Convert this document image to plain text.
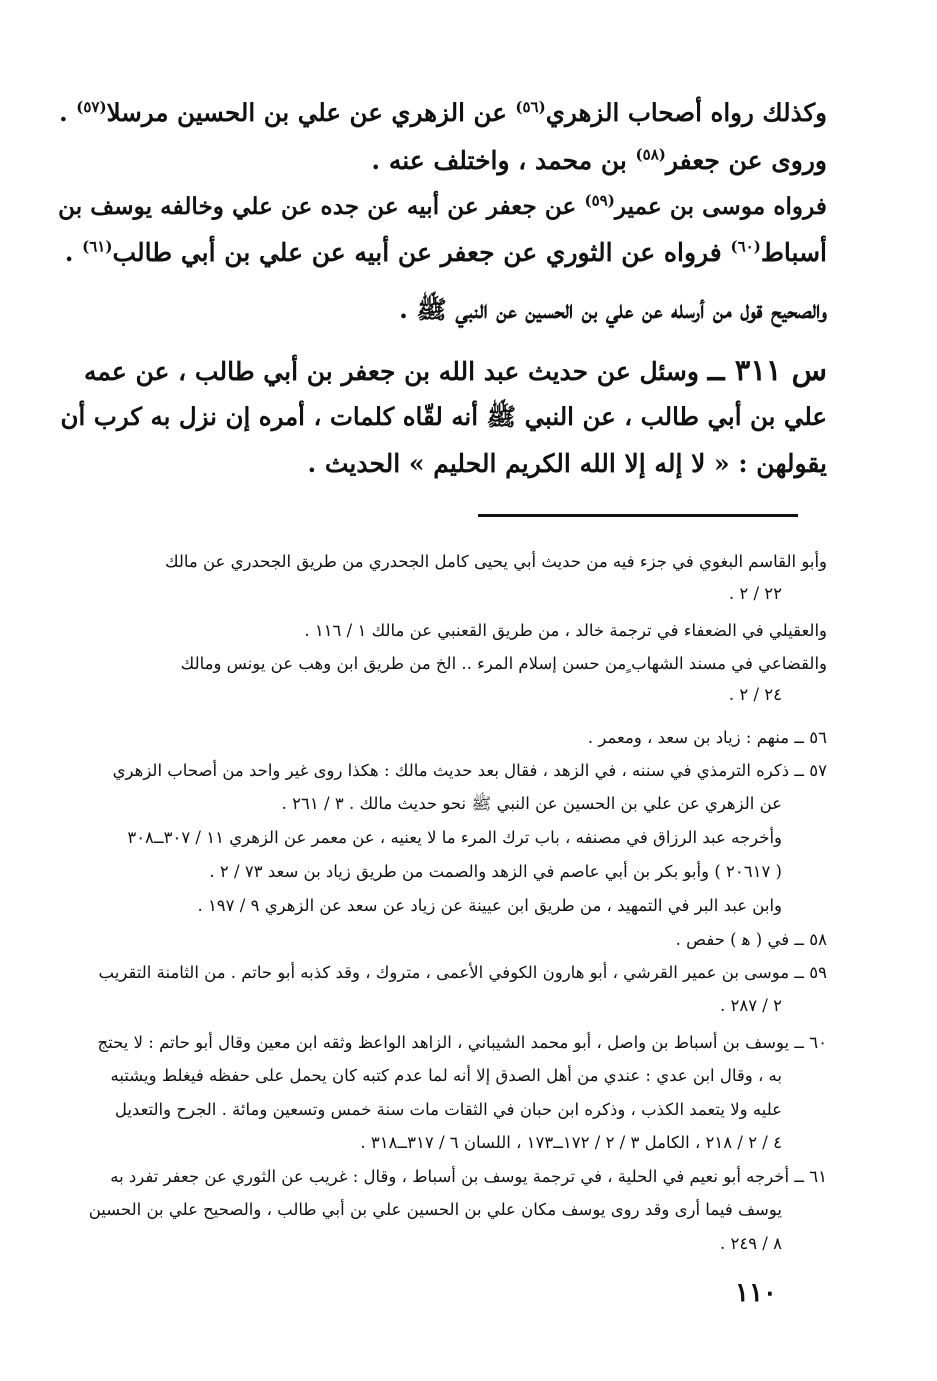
وكذلك رواه أصحاب الزهري$^{(٥٦)}$ عن الزهري عن علي بن الحسين مرسلا$^{(٥٧)}$ .
وروى عن جعفر$^{(٥٨)}$ بن محمد ، واختلف عنه .
فرواه موسى بن عمير$^{(٥٩)}$ عن جعفر عن أبيه عن جده عن علي وخالفه يوسف بن
أسباط$^{(٦٠)}$ فرواه عن الثوري عن جعفر عن أبيه عن علي بن أبي طالب$^{(٦١)}$ .
والصحيح قول من أرسله عن علي بن الحسين عن النبي ﷺ .
س ٣١١ ــ وسئل عن حديث عبد الله بن جعفر بن أبي طالب ، عن عمه
علي بن أبي طالب ، عن النبي ﷺ أنه لقّاه كلمات ، أمره إن نزل به كرب أن
يقولهن : « لا إله إلا الله الكريم الحليم » الحديث .
وأبو القاسم البغوي في جزء فيه من حديث أبي يحيى كامل الجحدري من طريق الجحدري عن مالك
٢٢ / ٢ .
والعقيلي في الضعفاء في ترجمة خالد ، من طريق القعنبي عن مالك ١ / ١١٦ .
والقضاعي في مسند الشهاب ٍمن حسن إسلام المرء .. الخ من طريق ابن وهب عن يونس ومالك
٢٤ / ٢ .
٥٦ ــ منهم : زياد بن سعد ، ومعمر .
٥٧ ــ ذكره الترمذي في سننه ، في الزهد ، فقال بعد حديث مالك : هكذا روى غير واحد من أصحاب الزهري
عن الزهري عن علي بن الحسين عن النبي ﷺ نحو حديث مالك . ٣ / ٢٦١ .
وأخرجه عبد الرزاق في مصنفه ، باب ترك المرء ما لا يعنيه ، عن معمر عن الزهري ١١ / ٣٠٧ــ٣٠٨
( ٢٠٦١٧ ) وأبو بكر بن أبي عاصم في الزهد والصمت من طريق زياد بن سعد ٧٣ / ٢ .
وابن عبد البر في التمهيد ، من طريق ابن عيينة عن زياد عن سعد عن الزهري ٩ / ١٩٧ .
٥٨ ــ في ( ﻫ ) حفص .
٥٩ ــ موسى بن عمير القرشي ، أبو هارون الكوفي الأعمى ، متروك ، وقد كذبه أبو حاتم . من الثامنة التقريب
٢ / ٢٨٧ .
٦٠ ــ يوسف بن أسباط بن واصل ، أبو محمد الشيباني ، الزاهد الواعظ وثقه ابن معين وقال أبو حاتم : لا يحتج
به ، وقال ابن عدي : عندي من أهل الصدق إلا أنه لما عدم كتبه كان يحمل على حفظه فيغلط ويشتبه
عليه ولا يتعمد الكذب ، وذكره ابن حبان في الثقات مات سنة خمس وتسعين ومائة . الجرح والتعديل
٤ / ٢ / ٢١٨ ، الكامل ٣ / ٢ / ١٧٢ــ١٧٣ ، اللسان ٦ / ٣١٧ــ٣١٨ .
٦١ ــ أخرجه أبو نعيم في الحلية ، في ترجمة يوسف بن أسباط ، وقال : غريب عن الثوري عن جعفر تفرد به
يوسف فيما أرى وقد روى يوسف مكان علي بن الحسين علي بن أبي طالب ، والصحيح علي بن الحسين
٨ / ٢٤٩ .
١١٠
